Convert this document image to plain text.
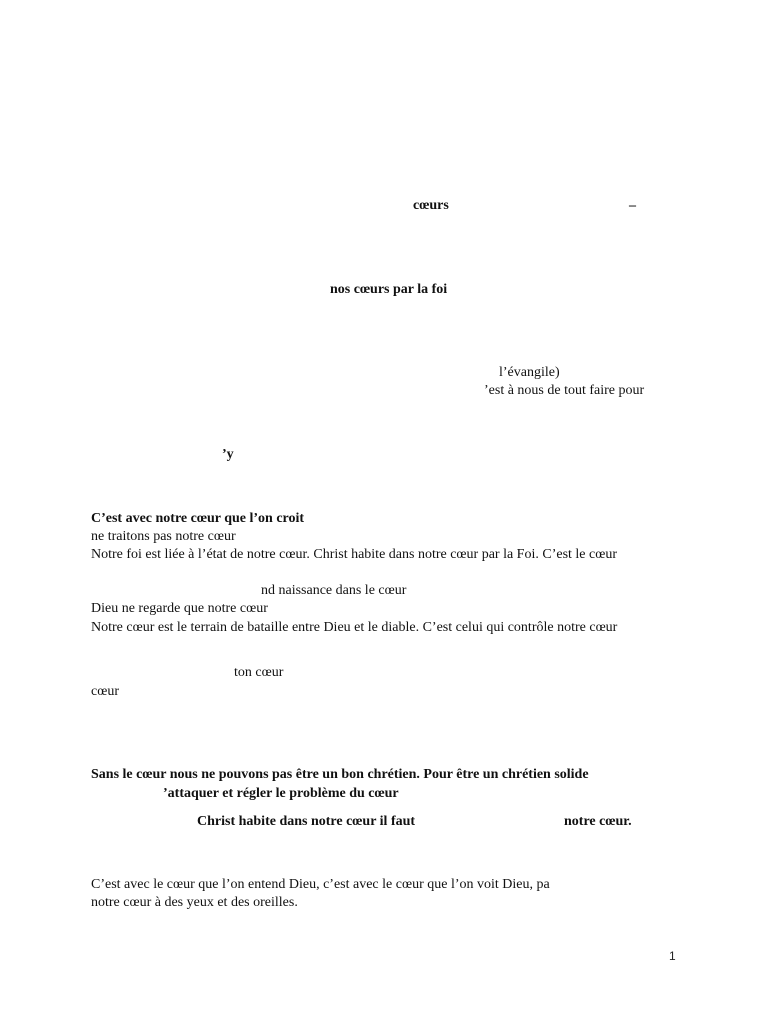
cœurs	–
nos cœurs par la foi
l’évangile)
’est à nous de tout faire pour
’y
C’est avec notre cœur que l’on croit
ne traitons pas notre cœur
Notre foi est liée à l’état de notre cœur. Christ habite dans notre cœur par la Foi. C’est le cœur
nd naissance dans le cœur
Dieu ne regarde que notre cœur
Notre cœur est le terrain de bataille entre Dieu et le diable. C’est celui qui contrôle notre cœur
ton cœur
cœur
Sans le cœur nous ne pouvons pas être un bon chrétien. Pour être un chrétien solide
’attaquer et régler le problème du cœur
Christ habite dans notre cœur il faut	notre cœur.
C’est avec le cœur que l’on entend Dieu, c’est avec le cœur que l’on voit Dieu, pa
notre cœur à des yeux et des oreilles.
1
